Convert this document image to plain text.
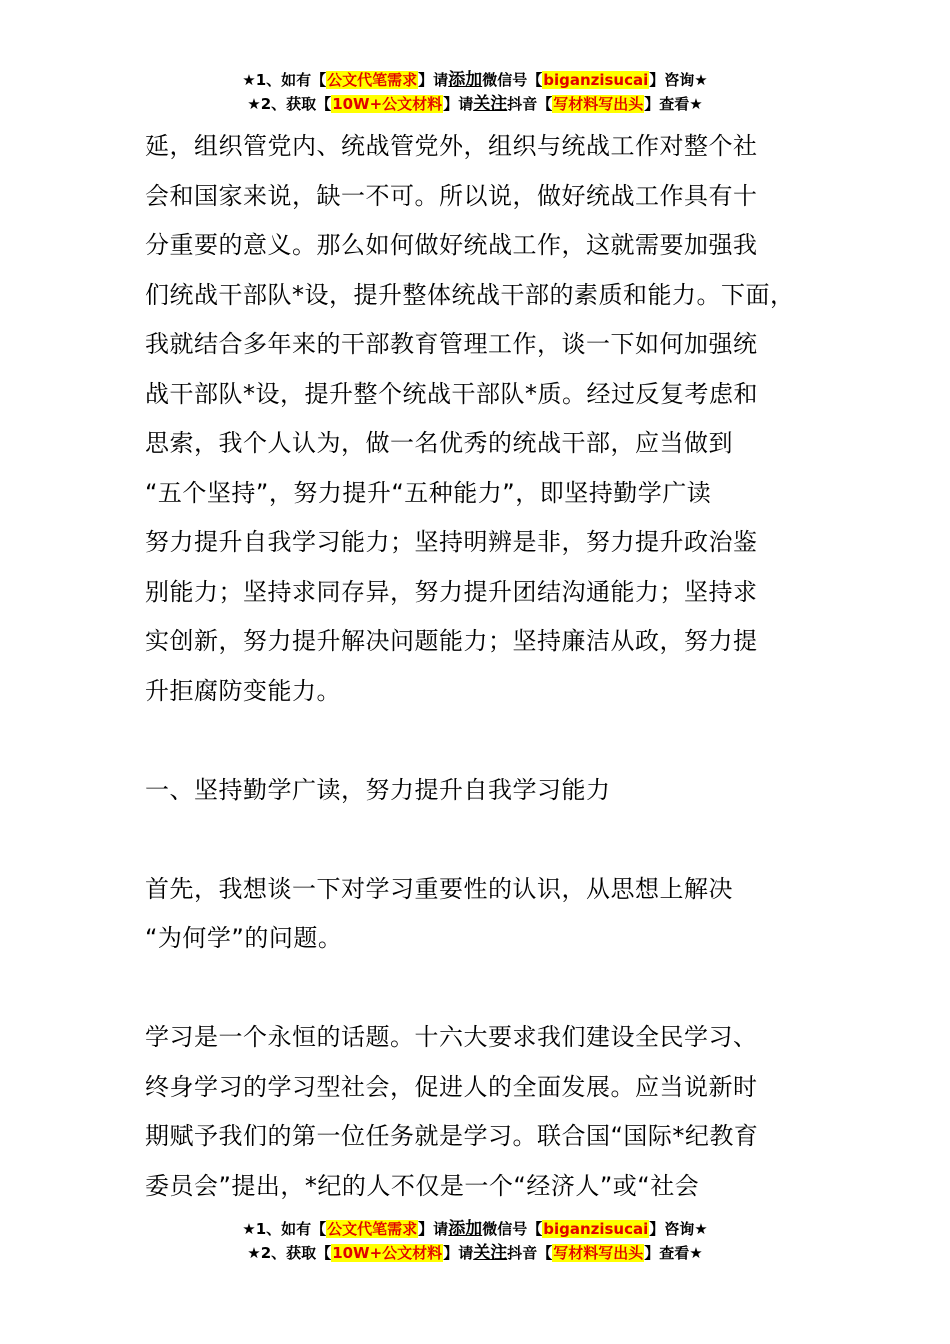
★1、如有【公文代笔需求】请添加微信号【biganzisucai】咨询★
★2、获取【10W+公文材料】请关注抖音【写材料写出头】查看★

延，组织管党内、统战管党外，组织与统战工作对整个社

会和国家来说，缺一不可。所以说，做好统战工作具有十

分重要的意义。那么如何做好统战工作，这就需要加强我

们统战干部队*设，提升整体统战干部的素质和能力。下面，

我就结合多年来的干部教育管理工作，谈一下如何加强统

战干部队*设，提升整个统战干部队*质。经过反复考虑和

思索，我个人认为，做一名优秀的统战干部，应当做到

“五个坚持”，努力提升“五种能力”，即坚持勤学广读

努力提升自我学习能力；坚持明辨是非，努力提升政治鉴

别能力；坚持求同存异，努力提升团结沟通能力；坚持求

实创新，努力提升解决问题能力；坚持廉洁从政，努力提

升拒腐防变能力。

一、坚持勤学广读，努力提升自我学习能力

首先，我想谈一下对学习重要性的认识，从思想上解决

“为何学”的问题。

学习是一个永恒的话题。十六大要求我们建设全民学习、

终身学习的学习型社会，促进人的全面发展。应当说新时

期赋予我们的第一位任务就是学习。联合国“国际*纪教育

委员会”提出，*纪的人不仅是一个“经济人”或“社会

★1、如有【公文代笔需求】请添加微信号【biganzisucai】咨询★
★2、获取【10W+公文材料】请关注抖音【写材料写出头】查看★
